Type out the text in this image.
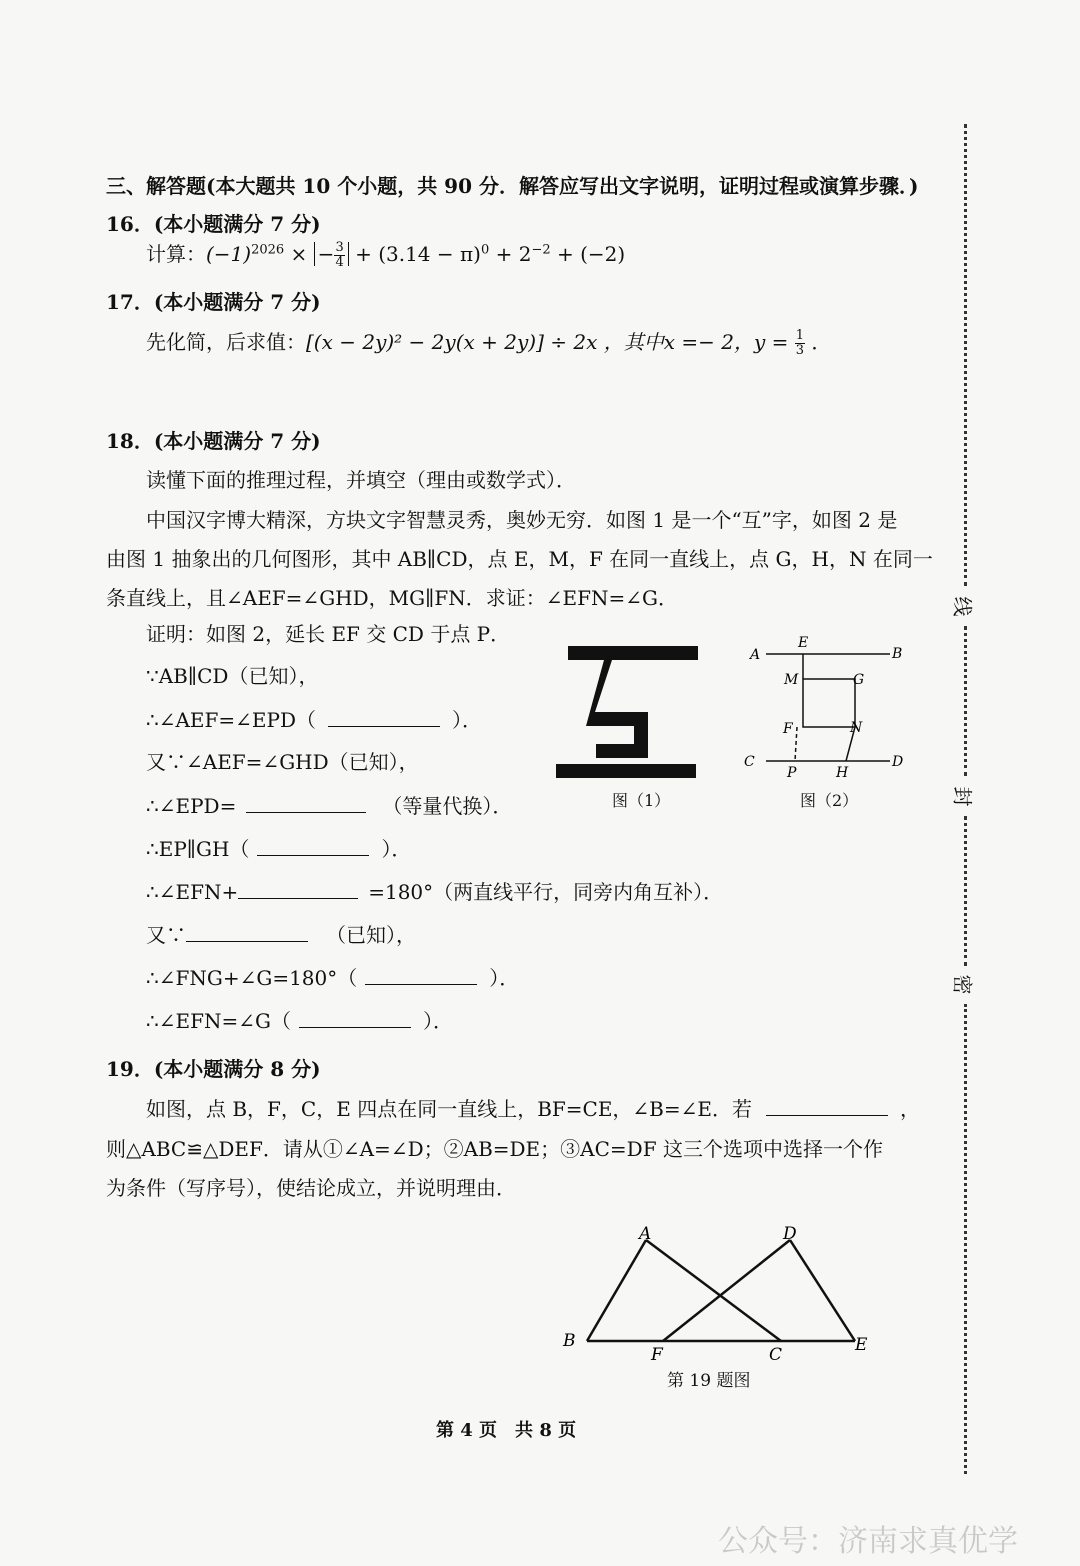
三、解答题(本大题共 10 个小题，共 90 分．解答应写出文字说明，证明过程或演算步骤．)
16．(本小题满分 7 分)
计算：$(-1)^{2026}$ × − $\frac{3}{4} + (3.14 - \pi)^0 + 2^{-2} + (-2)$
17．(本小题满分 7 分)
先化简，后求值：[(x − 2y)² − 2y(x + 2y)] ÷ 2x ，其中x =− 2，$y = \frac{1}{3}$ ．
18．(本小题满分 7 分)
读懂下面的推理过程，并填空（理由或数学式）．
中国汉字博大精深，方块文字智慧灵秀，奥妙无穷．如图 1 是一个“互”字，如图 2 是
由图 1 抽象出的几何图形，其中 AB∥CD，点 E，M，F 在同一直线上，点 G，H，N 在同一
条直线上，且∠AEF=∠GHD，MG∥FN．求证：∠EFN=∠G．
证明：如图 2，延长 EF 交 CD 于点 P．
∵AB∥CD（已知），
∴∠AEF=∠EPD（	）．
又∵∠AEF=∠GHD（已知），
∴∠EPD=	（等量代换）．
∴EP∥GH（	）．
∴∠EFN+	=180°（两直线平行，同旁内角互补）．
又∵	（已知），
∴∠FNG+∠G=180°（	）．
∴∠EFN=∠G（	）．
图（1）
A	B
E
M	G
F	N
C	D
P	H
图（2）
19．(本小题满分 8 分)
如图，点 B，F，C，E 四点在同一直线上，BF=CE，∠B=∠E．若	，
则△ABC≌△DEF．请从①∠A=∠D；②AB=DE；③AC=DF 这三个选项中选择一个作
为条件（写序号），使结论成立，并说明理由．
A	D
B
F	C	E
第 19 题图
第 4 页　共 8 页
线
封
密
公众号：济南求真优学
